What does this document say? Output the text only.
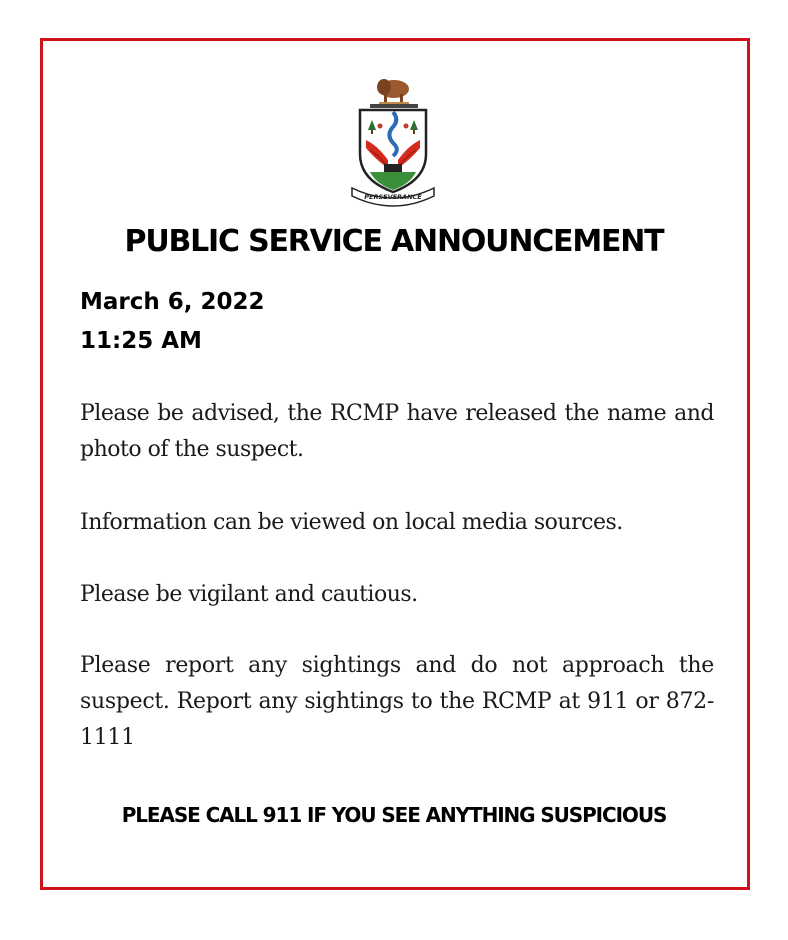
PERSEVERANCE
PUBLIC SERVICE ANNOUNCEMENT

March 6, 2022

11:25 AM

Please be advised, the RCMP have released the name and photo of the suspect.

Information can be viewed on local media sources.

Please be vigilant and cautious.

Please report any sightings and do not approach the suspect. Report any sightings to the RCMP at 911 or 872-1111

PLEASE CALL 911 IF YOU SEE ANYTHING SUSPICIOUS
